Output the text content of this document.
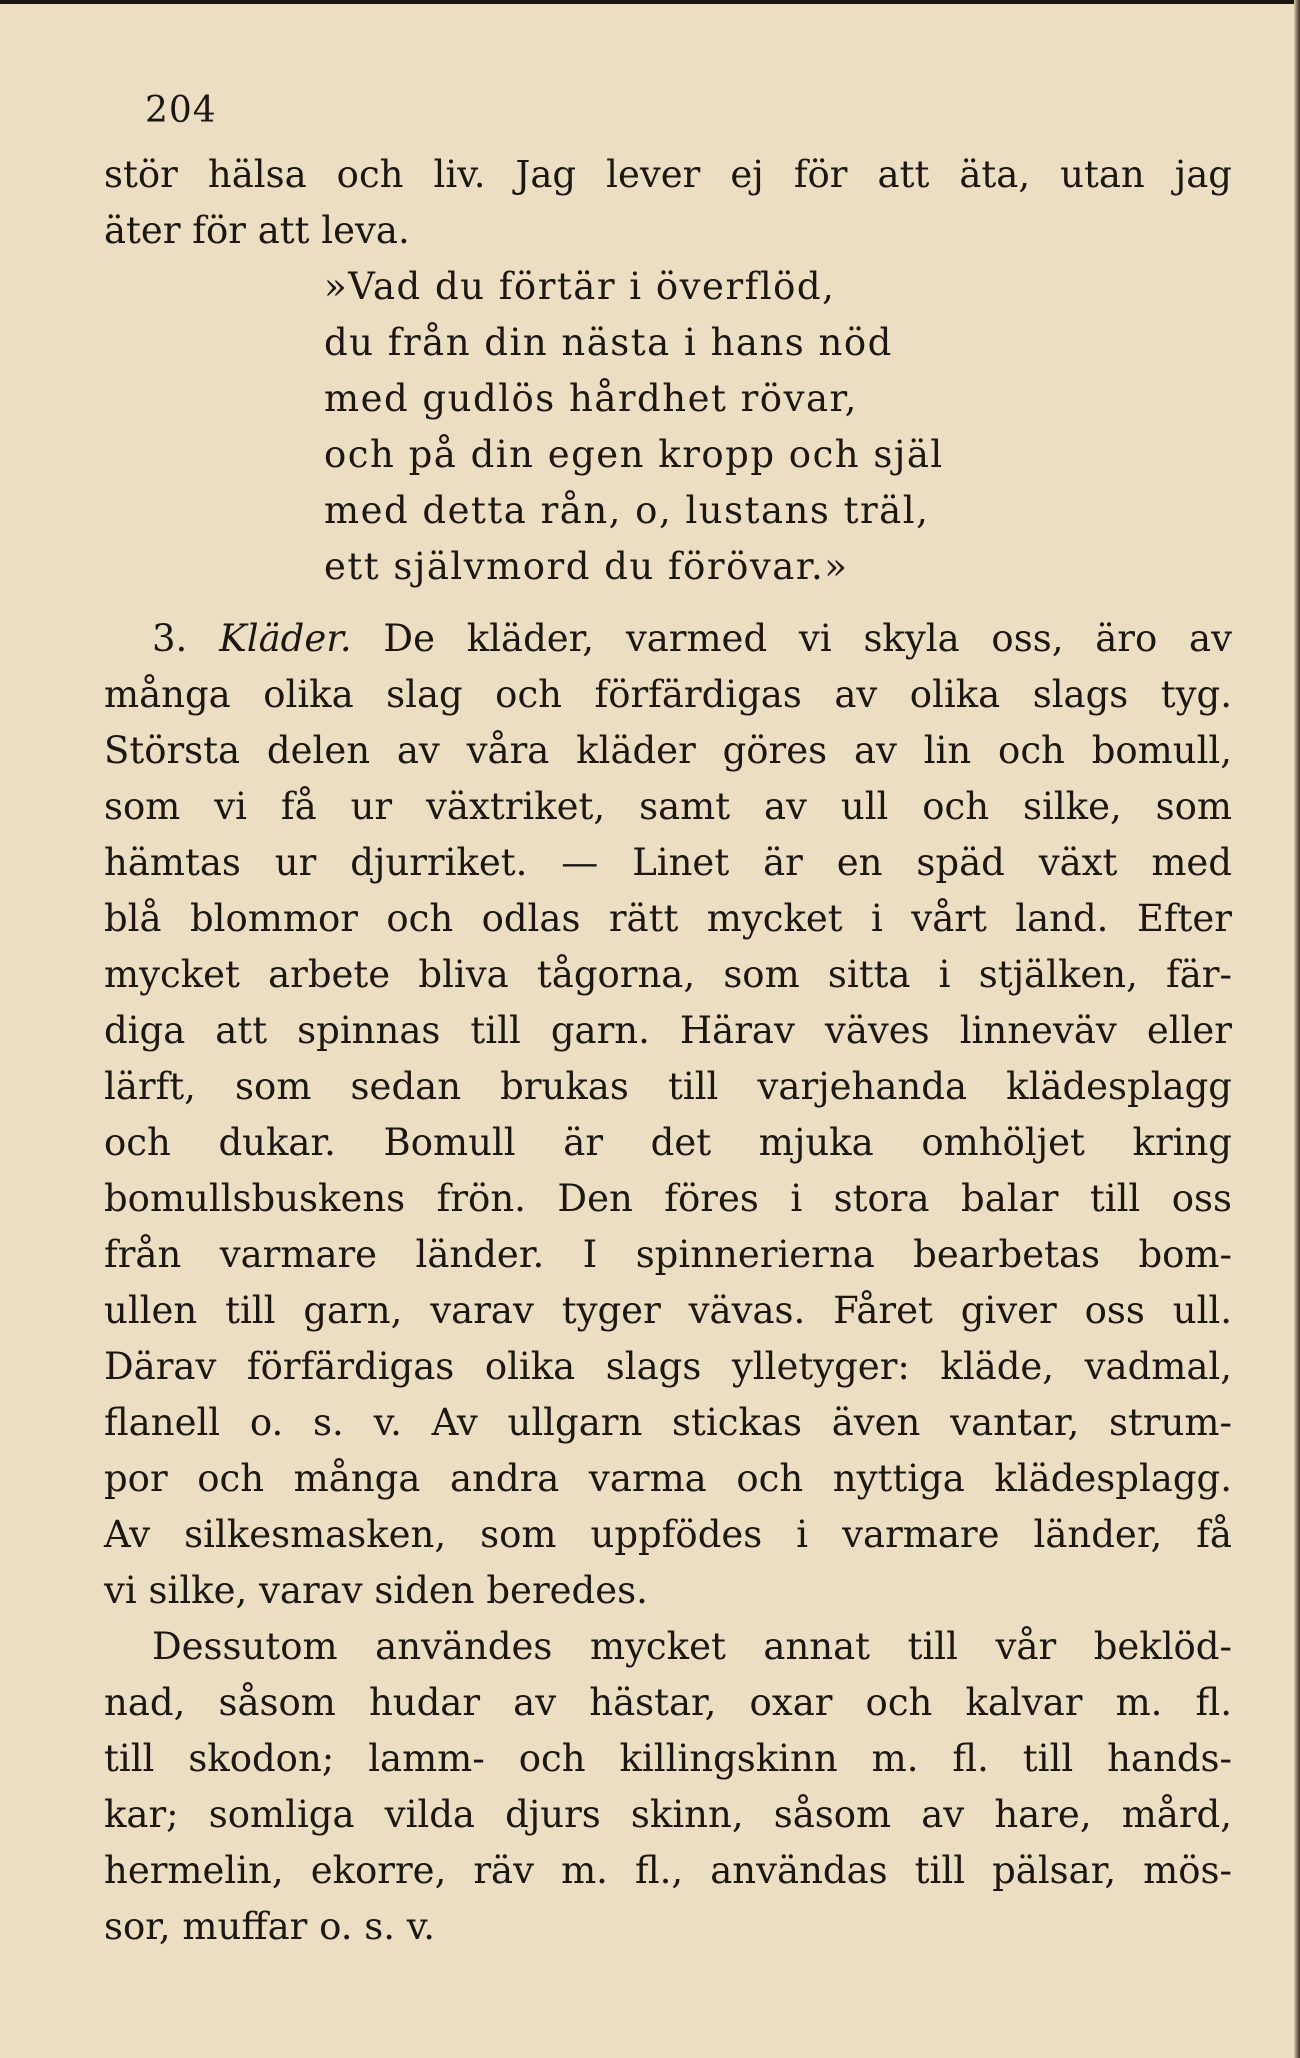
204
stör hälsa och liv. Jag lever ej för att äta, utan jag
äter för att leva.
»Vad du förtär i överflöd,
du från din nästa i hans nöd
med gudlös hårdhet rövar,
och på din egen kropp och själ
med detta rån, o, lustans träl,
ett självmord du förövar.»
3. Kläder. De kläder, varmed vi skyla oss, äro av
många olika slag och förfärdigas av olika slags tyg.
Största delen av våra kläder göres av lin och bomull,
som vi få ur växtriket, samt av ull och silke, som
hämtas ur djurriket. — Linet är en späd växt med
blå blommor och odlas rätt mycket i vårt land. Efter
mycket arbete bliva tågorna, som sitta i stjälken, fär-
diga att spinnas till garn. Härav väves linneväv eller
lärft, som sedan brukas till varjehanda klädesplagg
och dukar. Bomull är det mjuka omhöljet kring
bomullsbuskens frön. Den föres i stora balar till oss
från varmare länder. I spinnerierna bearbetas bom-
ullen till garn, varav tyger vävas. Fåret giver oss ull.
Därav förfärdigas olika slags ylletyger: kläde, vadmal,
flanell o. s. v. Av ullgarn stickas även vantar, strum-
por och många andra varma och nyttiga klädesplagg.
Av silkesmasken, som uppfödes i varmare länder, få
vi silke, varav siden beredes.
Dessutom användes mycket annat till vår beklöd-
nad, såsom hudar av hästar, oxar och kalvar m. fl.
till skodon; lamm- och killingskinn m. fl. till hands-
kar; somliga vilda djurs skinn, såsom av hare, mård,
hermelin, ekorre, räv m. fl., användas till pälsar, mös-
sor, muffar o. s. v.
